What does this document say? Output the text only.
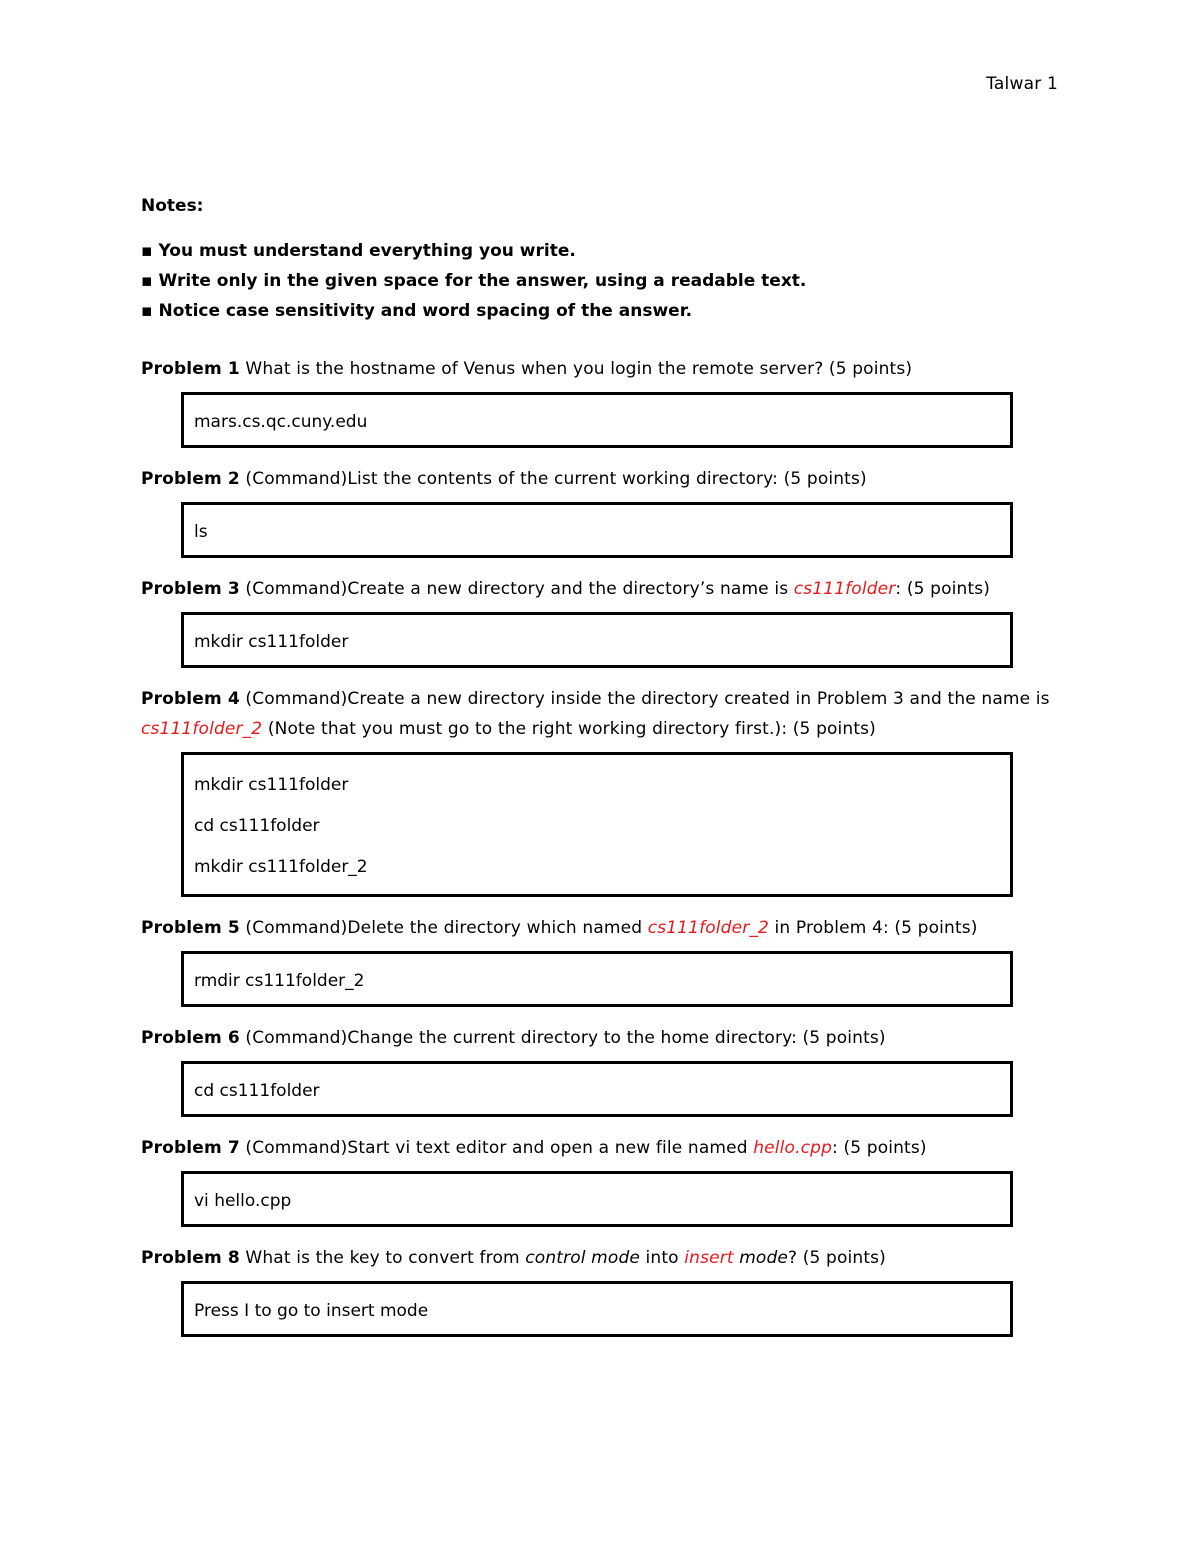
Talwar 1
Notes:
▪ You must understand everything you write.
▪ Write only in the given space for the answer, using a readable text.
▪ Notice case sensitivity and word spacing of the answer.
Problem 1 What is the hostname of Venus when you login the remote server? (5 points)
mars.cs.qc.cuny.edu
Problem 2 (Command)List the contents of the current working directory: (5 points)
ls
Problem 3 (Command)Create a new directory and the directory’s name is cs111folder: (5 points)
mkdir cs111folder
Problem 4 (Command)Create a new directory inside the directory created in Problem 3 and the name is cs111folder_2 (Note that you must go to the right working directory first.): (5 points)
mkdir cs111folder
cd cs111folder
mkdir cs111folder_2
Problem 5 (Command)Delete the directory which named cs111folder_2 in Problem 4: (5 points)
rmdir cs111folder_2
Problem 6 (Command)Change the current directory to the home directory: (5 points)
cd cs111folder
Problem 7 (Command)Start vi text editor and open a new file named hello.cpp: (5 points)
vi hello.cpp
Problem 8 What is the key to convert from control mode into insert mode? (5 points)
Press I to go to insert mode
